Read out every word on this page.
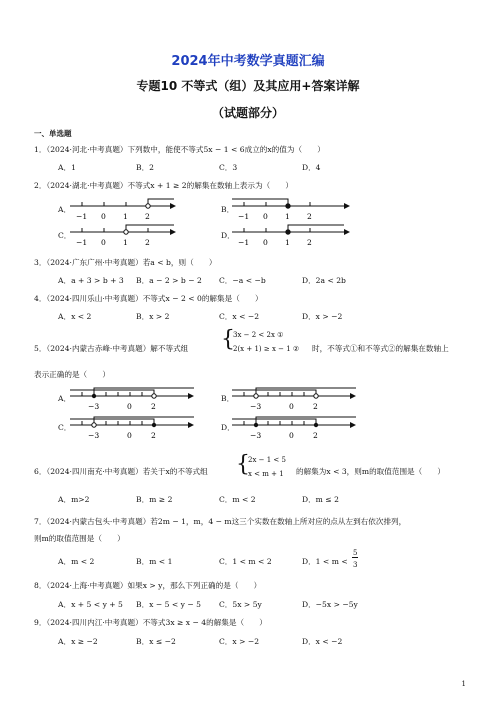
2024年中考数学真题汇编
专题10 不等式（组）及其应用+答案详解
（试题部分）
一、单选题
1．（2024·河北·中考真题）下列数中，能使不等式5x − 1 < 6成立的x的值为（　　）
A．1	B．2	C．3	D．4
2．（2024·湖北·中考真题）不等式x + 1 ≥ 2的解集在数轴上表示为（　　）
A．
−1 0 1 2
B．
−1 0 1 2
C．
−1 0 1 2
D．
−1 0 1 2
3．（2024·广东广州·中考真题）若a < b，则（　　）
A．a + 3 > b + 3 B．a − 2 > b − 2 C．−a < −b	D．2a < 2b
4．（2024·四川乐山·中考真题）不等式x − 2 < 0的解集是（　　）
A．x < 2	B．x > 2	C．x < −2	D．x > −2
5．（2024·内蒙古赤峰·中考真题）解不等式组 {
3x − 2 < 2x ①
2(x + 1) ≥ x − 1 ② 时，不等式①和不等式②的解集在数轴上
表示正确的是（　　）
A．
−3	0	2
B．
−3	0	2
C．
−3	0	2
D．
−3	0	2
6．（2024·四川南充·中考真题）若关于x的不等式组 {
2x − 1 < 5
x < m + 1 的解集为x < 3，则m的取值范围是（　　）
A．m>2	B．m ≥ 2	C．m < 2	D．m ≤ 2
7．（2024·内蒙古包头·中考真题）若2m − 1，m，4 − m这三个实数在数轴上所对应的点从左到右依次排列，
则m的取值范围是（　　）
A．m < 2	B．m < 1	C．1 < m < 2	D．1 < m <
5
3
8．（2024·上海·中考真题）如果x > y，那么下列正确的是（　　）
A．x + 5 < y + 5 B．x − 5 < y − 5 C．5x > 5y	D．−5x > −5y
9．（2024·四川内江·中考真题）不等式3x ≥ x − 4的解集是（　　）
A．x ≥ −2	B．x ≤ −2	C．x > −2	D．x < −2
1
